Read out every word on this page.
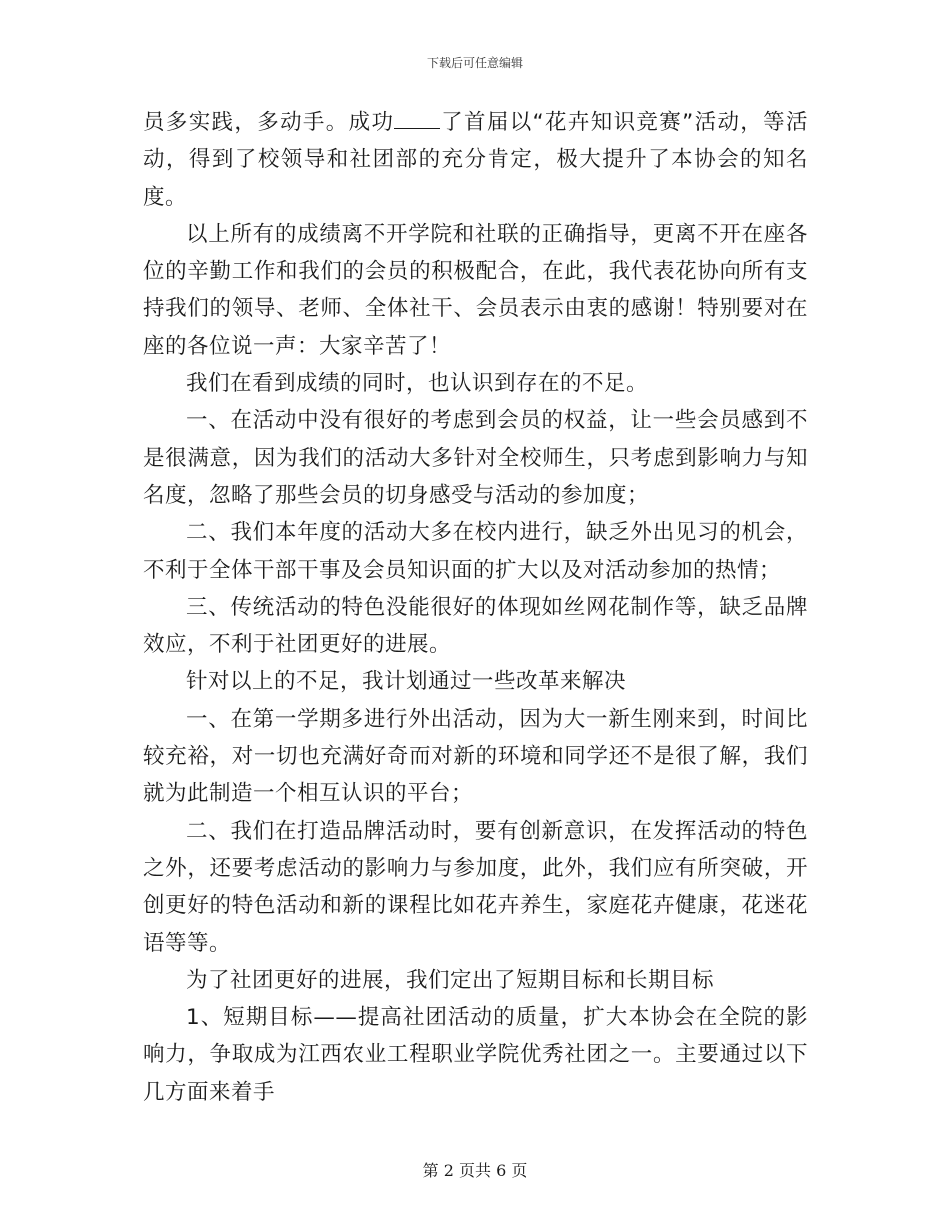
下载后可任意编辑

员多实践，多动手。成功 了首届以“花卉知识竞赛”活动，等活动，得到了校领导和社团部的充分肯定，极大提升了本协会的知名度。

以上所有的成绩离不开学院和社联的正确指导，更离不开在座各位的辛勤工作和我们的会员的积极配合，在此，我代表花协向所有支持我们的领导、老师、全体社干、会员表示由衷的感谢！特别要对在座的各位说一声：大家辛苦了！

我们在看到成绩的同时，也认识到存在的不足。

一、在活动中没有很好的考虑到会员的权益，让一些会员感到不是很满意，因为我们的活动大多针对全校师生，只考虑到影响力与知名度，忽略了那些会员的切身感受与活动的参加度；

二、我们本年度的活动大多在校内进行，缺乏外出见习的机会，不利于全体干部干事及会员知识面的扩大以及对活动参加的热情；

三、传统活动的特色没能很好的体现如丝网花制作等，缺乏品牌效应，不利于社团更好的进展。

针对以上的不足，我计划通过一些改革来解决

一、在第一学期多进行外出活动，因为大一新生刚来到，时间比较充裕，对一切也充满好奇而对新的环境和同学还不是很了解，我们就为此制造一个相互认识的平台；

二、我们在打造品牌活动时，要有创新意识，在发挥活动的特色之外，还要考虑活动的影响力与参加度，此外，我们应有所突破，开创更好的特色活动和新的课程比如花卉养生，家庭花卉健康，花迷花语等等。

为了社团更好的进展，我们定出了短期目标和长期目标

1、短期目标——提高社团活动的质量，扩大本协会在全院的影响力，争取成为江西农业工程职业学院优秀社团之一。主要通过以下几方面来着手

第 2 页共 6 页
